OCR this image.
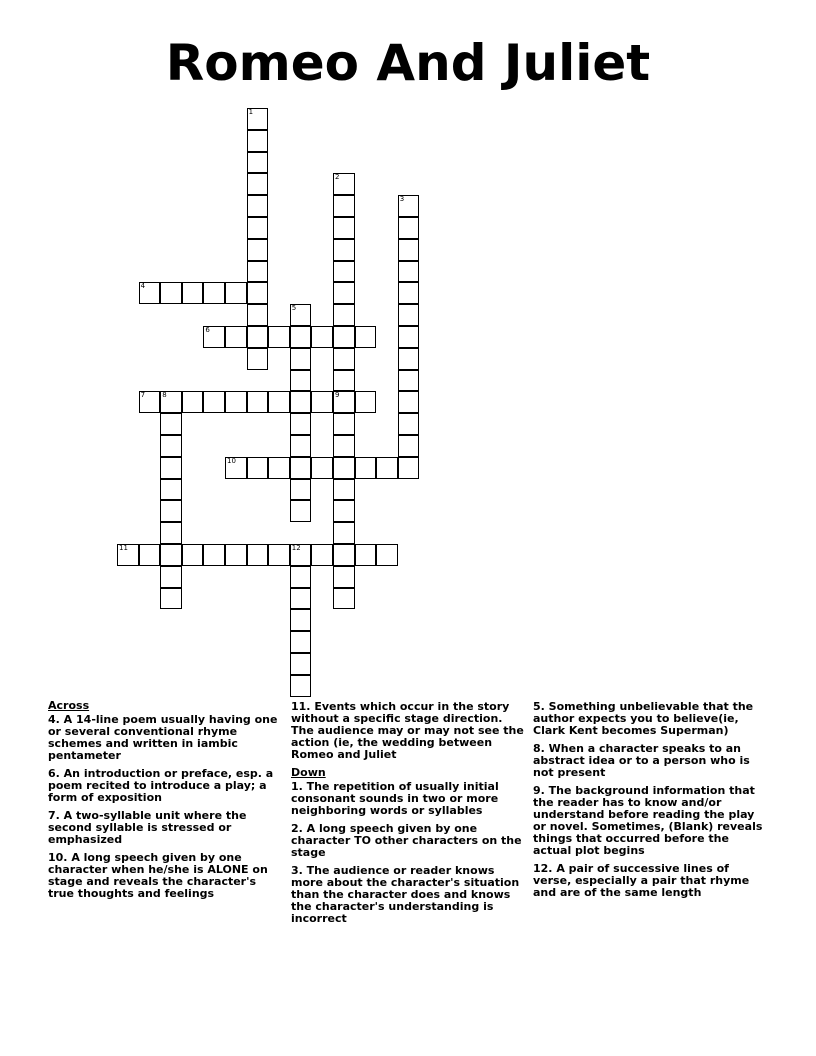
Romeo And Juliet
1
2
9
3
4
5
6
7 8
10
11	12
Across
4. A 14-line poem usually having one or several conventional rhyme schemes and written in iambic pentameter
6. An introduction or preface, esp. a poem recited to introduce a play; a form of exposition
7. A two-syllable unit where the second syllable is stressed or emphasized
10. A long speech given by one character when he/she is ALONE on stage and reveals the character's true thoughts and feelings
11. Events which occur in the story without a specific stage direction. The audience may or may not see the action (ie, the wedding between Romeo and Juliet
Down
1. The repetition of usually initial consonant sounds in two or more neighboring words or syllables
2. A long speech given by one character TO other characters on the stage
3. The audience or reader knows more about the character's situation than the character does and knows the character's understanding is incorrect
5. Something unbelievable that the author expects you to believe(ie, Clark Kent becomes Superman)
8. When a character speaks to an abstract idea or to a person who is not present
9. The background information that the reader has to know and/or understand before reading the play or novel. Sometimes, (Blank) reveals things that occurred before the actual plot begins
12. A pair of successive lines of verse, especially a pair that rhyme and are of the same length
